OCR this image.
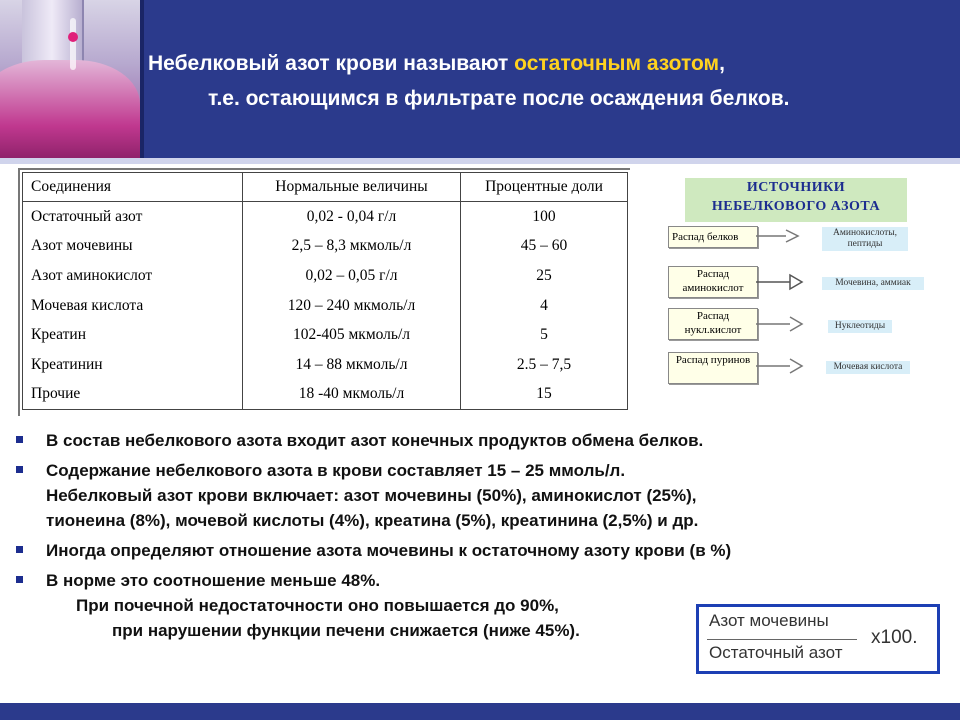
Небелковый азот крови называют остаточным азотом,
т.е. остающимся в фильтрате после осаждения белков.
Соединения	Нормальные величины	Процентные доли
Остаточный азот	0,02 - 0,04 г/л	100
Азот мочевины	2,5 – 8,3 мкмоль/л	45 – 60
Азот аминокислот	0,02 – 0,05 г/л	25
Мочевая кислота	120 – 240 мкмоль/л	4
Креатин	102-405 мкмоль/л	5
Креатинин	14 – 88 мкмоль/л	2.5 – 7,5
Прочие	18 -40 мкмоль/л	15
ИСТОЧНИКИ
НЕБЕЛКОВОГО АЗОТА
Распад белков	Аминокислоты, пептиды
Распад аминокислот	Мочевина, аммиак
Распад нукл.кислот	Нуклеотиды
Распад пуринов
Мочевая кислота
В состав небелкового азота входит азот конечных продуктов обмена белков.
Содержание небелкового азота в крови составляет 15 – 25 ммоль/л.
Небелковый азот крови включает: азот мочевины (50%), аминокислот (25%),
тионеина (8%), мочевой кислоты (4%), креатина (5%), креатинина (2,5%) и др.
Иногда определяют отношение азота мочевины к остаточному азоту крови (в %)
В норме это соотношение меньше 48%.
При почечной недостаточности оно повышается до 90%,
при нарушении функции печени снижается (ниже 45%).
Азот мочевины
Остаточный азот
x100.
